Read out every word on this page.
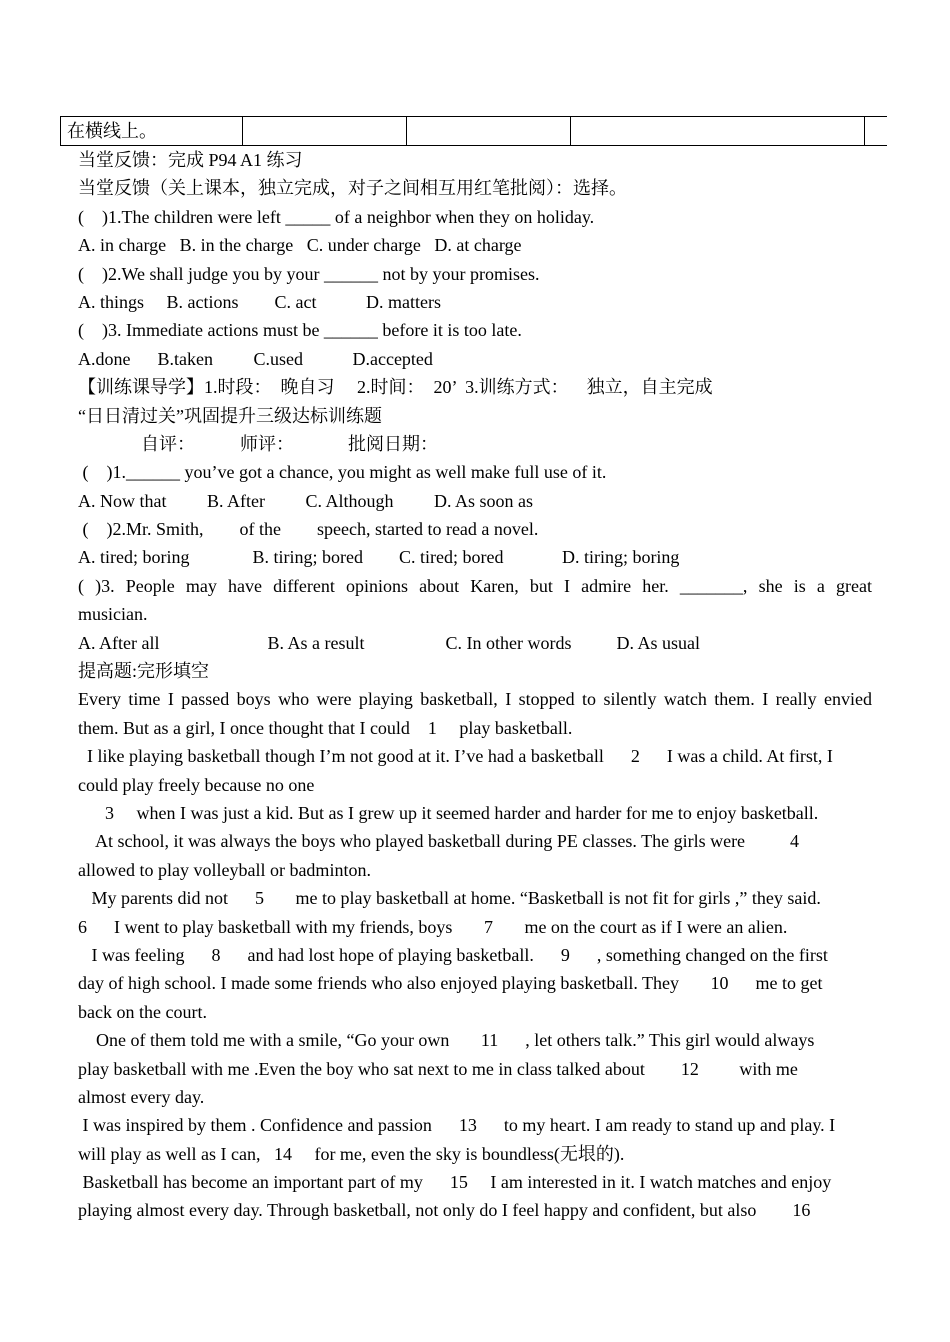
在横线上。				
当堂反馈：完成 P94 A1 练习
当堂反馈（关上课本，独立完成，对子之间相互用红笔批阅）：选择。
(    )1.The children were left _____ of a neighbor when they on holiday.
A. in charge   B. in the charge   C. under charge   D. at charge
(    )2.We shall judge you by your ______ not by your promises.
A. things     B. actions        C. act           D. matters
(    )3. Immediate actions must be ______ before it is too late.
A.done      B.taken         C.used           D.accepted
【训练课导学】1.时段：  晚自习     2.时间：  20’  3.训练方式：    独立，自主完成
“日日清过关”巩固提升三级达标训练题
自评：          师评：            批阅日期：
(    )1.______ you’ve got a chance, you might as well make full use of it.
A. Now that         B. After         C. Although         D. As soon as
(    )2.Mr. Smith,        of the        speech, started to read a novel.
A. tired; boring              B. tiring; bored        C. tired; bored             D. tiring; boring
( )3. People may have different opinions about Karen, but I admire her. _______, she is a great
musician.
A. After all                        B. As a result                  C. In other words          D. As usual
提高题:完形填空
Every time I passed boys who were playing basketball, I stopped to silently watch them. I really envied
them. But as a girl, I once thought that I could    1     play basketball.
I like playing basketball though I’m not good at it. I’ve had a basketball      2      I was a child. At first, I
could play freely because no one
3     when I was just a kid. But as I grew up it seemed harder and harder for me to enjoy basketball.
At school, it was always the boys who played basketball during PE classes. The girls were          4
allowed to play volleyball or badminton.
My parents did not      5       me to play basketball at home. “Basketball is not fit for girls ,” they said.
6      I went to play basketball with my friends, boys       7       me on the court as if I were an alien.
I was feeling      8      and had lost hope of playing basketball.      9      , something changed on the first
day of high school. I made some friends who also enjoyed playing basketball. They       10      me to get
back on the court.
One of them told me with a smile, “Go your own       11      , let others talk.” This girl would always
play basketball with me .Even the boy who sat next to me in class talked about        12         with me
almost every day.
I was inspired by them . Confidence and passion      13      to my heart. I am ready to stand up and play. I
will play as well as I can,   14     for me, even the sky is boundless(无垠的).
Basketball has become an important part of my      15     I am interested in it. I watch matches and enjoy
playing almost every day. Through basketball, not only do I feel happy and confident, but also        16
